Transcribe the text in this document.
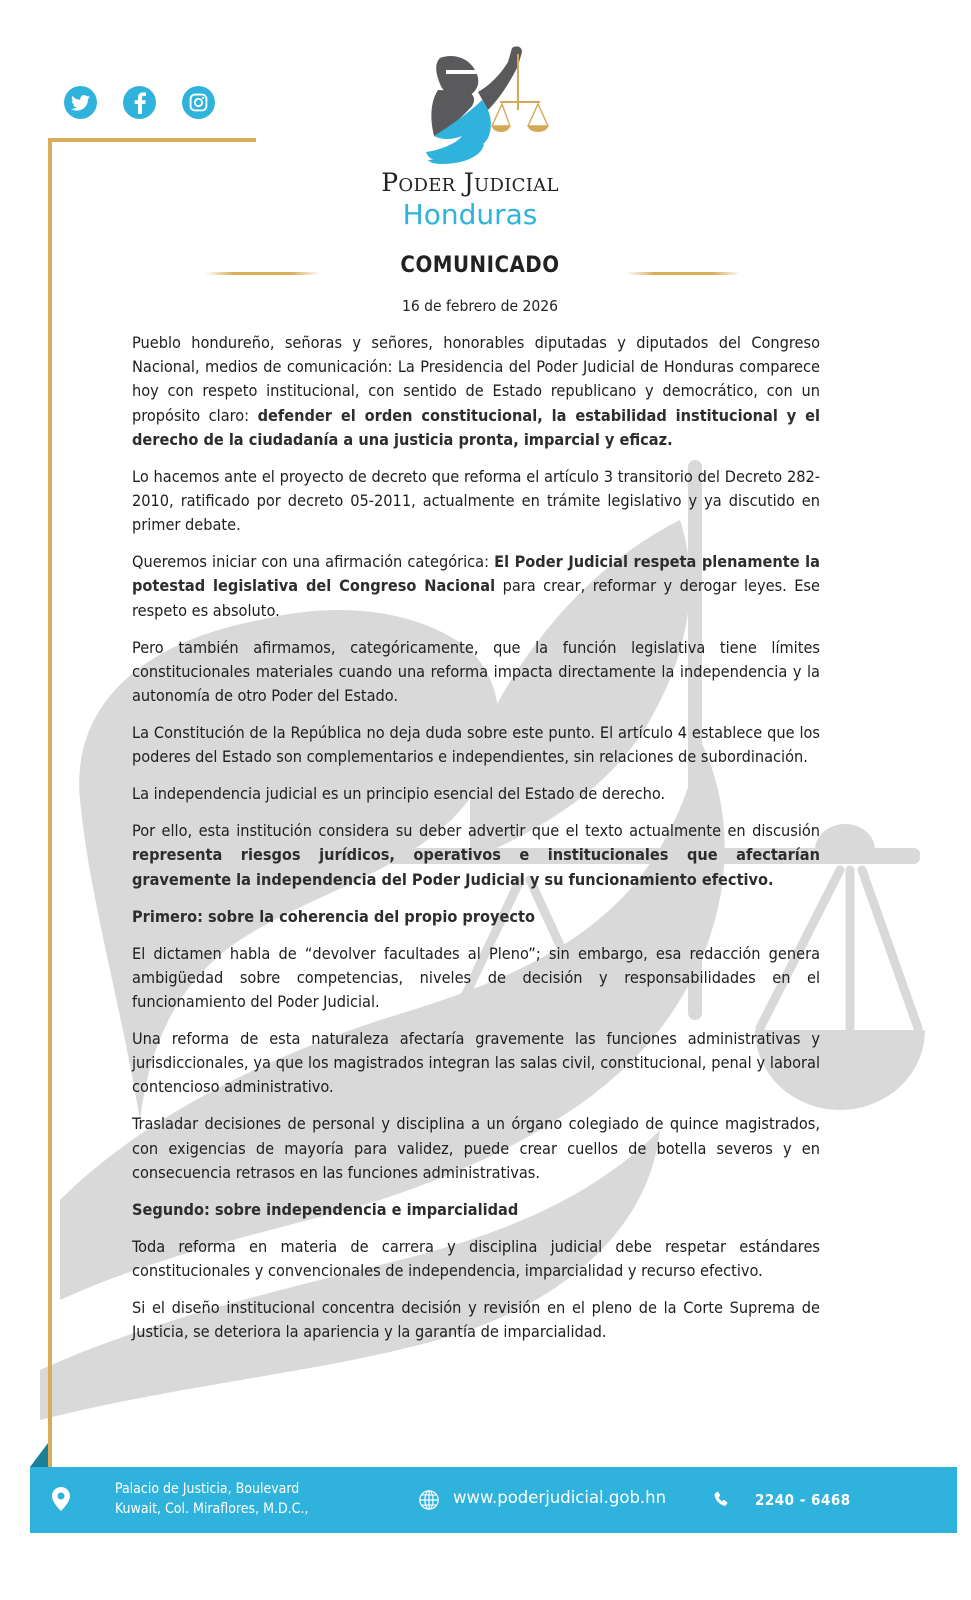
Poder Judicial
Honduras
COMUNICADO
16 de febrero de 2026

Pueblo hondureño, señoras y señores, honorables diputadas y diputados del Congreso Nacional, medios de comunicación: La Presidencia del Poder Judicial de Honduras comparece hoy con respeto institucional, con sentido de Estado republicano y democrático, con un propósito claro: defender el orden constitucional, la estabilidad institucional y el derecho de la ciudadanía a una justicia pronta, imparcial y eficaz.

Lo hacemos ante el proyecto de decreto que reforma el artículo 3 transitorio del Decreto 282-2010, ratificado por decreto 05-2011, actualmente en trámite legislativo y ya discutido en primer debate.

Queremos iniciar con una afirmación categórica: El Poder Judicial respeta plenamente la potestad legislativa del Congreso Nacional para crear, reformar y derogar leyes. Ese respeto es absoluto.

Pero también afirmamos, categóricamente, que la función legislativa tiene límites constitucionales materiales cuando una reforma impacta directamente la independencia y la autonomía de otro Poder del Estado.

La Constitución de la República no deja duda sobre este punto. El artículo 4 establece que los poderes del Estado son complementarios e independientes, sin relaciones de subordinación.

La independencia judicial es un principio esencial del Estado de derecho.

Por ello, esta institución considera su deber advertir que el texto actualmente en discusión representa riesgos jurídicos, operativos e institucionales que afectarían gravemente la independencia del Poder Judicial y su funcionamiento efectivo.

Primero: sobre la coherencia del propio proyecto

El dictamen habla de “devolver facultades al Pleno”; sin embargo, esa redacción genera ambigüedad sobre competencias, niveles de decisión y responsabilidades en el funcionamiento del Poder Judicial.

Una reforma de esta naturaleza afectaría gravemente las funciones administrativas y jurisdiccionales, ya que los magistrados integran las salas civil, constitucional, penal y laboral contencioso administrativo.

Trasladar decisiones de personal y disciplina a un órgano colegiado de quince magistrados, con exigencias de mayoría para validez, puede crear cuellos de botella severos y en consecuencia retrasos en las funciones administrativas.

Segundo: sobre independencia e imparcialidad

Toda reforma en materia de carrera y disciplina judicial debe respetar estándares constitucionales y convencionales de independencia, imparcialidad y recurso efectivo.

Si el diseño institucional concentra decisión y revisión en el pleno de la Corte Suprema de Justicia, se deteriora la apariencia y la garantía de imparcialidad.

Palacio de Justicia, Boulevard
Kuwait, Col. Miraflores, M.D.C.,
www.poderjudicial.gob.hn	2240 - 6468
